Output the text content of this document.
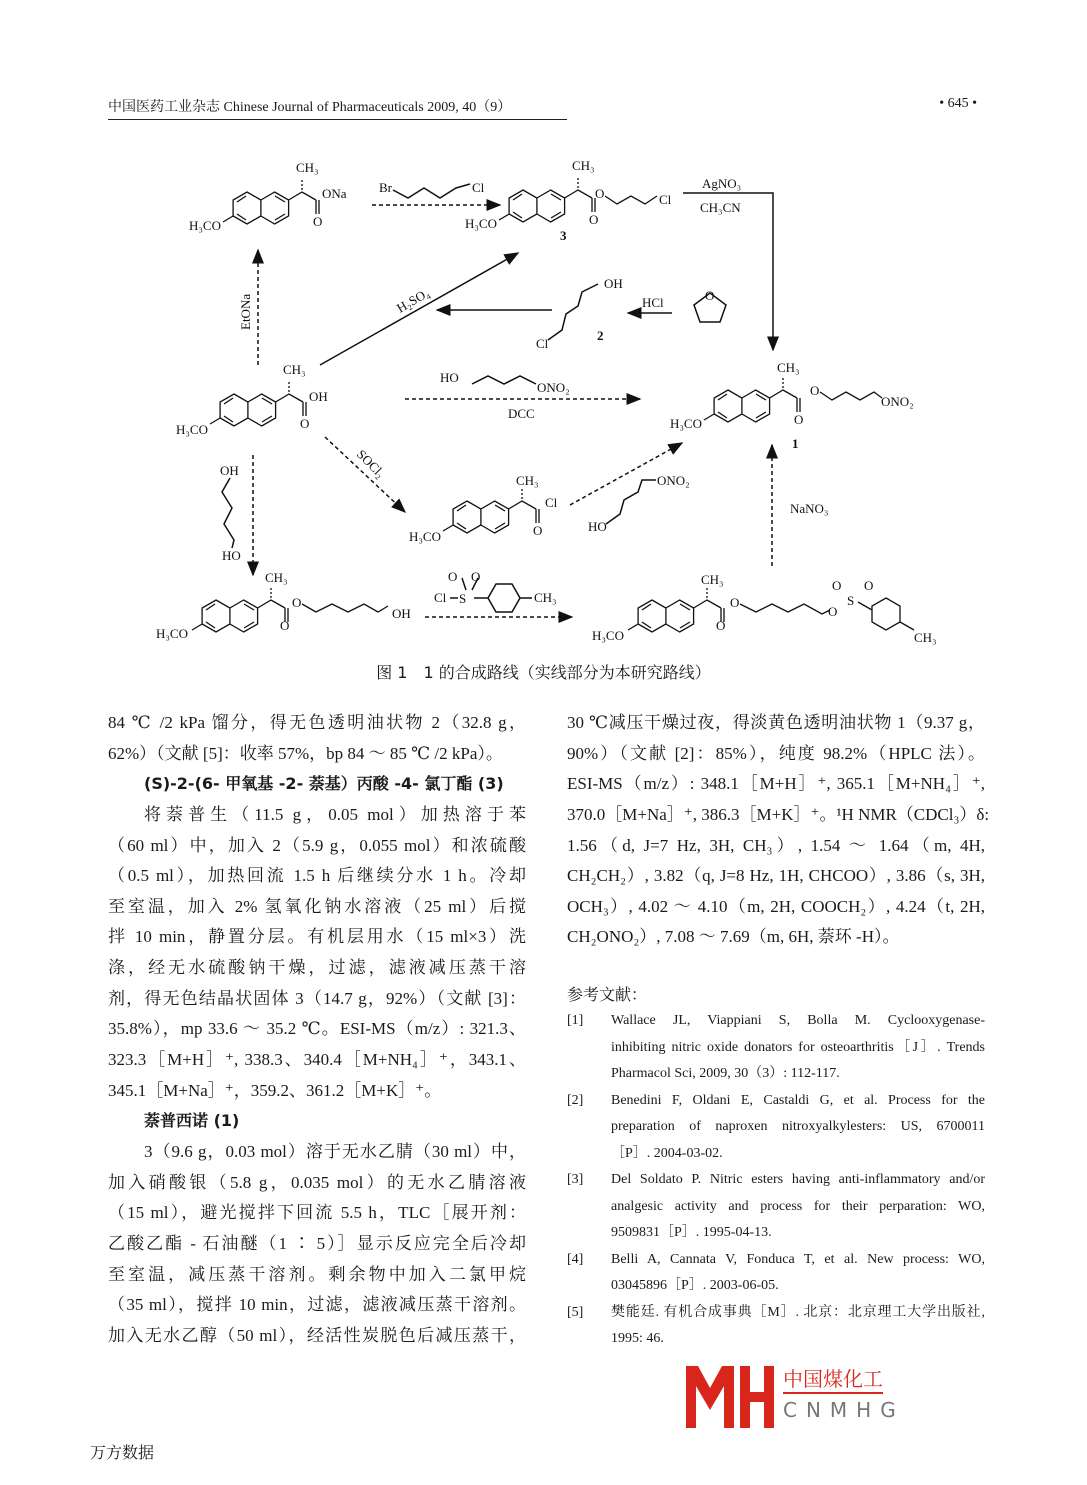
中国医药工业杂志 Chinese Journal of Pharmaceuticals 2009, 40（9）	• 645 •
H₃CO
CH₃
O
ONa
H₃CO
CH₃
O
O	Cl
3
H₃CO
CH₃
O
OH
H₃CO
CH₃
O
O
ONO₂
1
H₃CO
CH₃
O
Cl
H₃CO
CH₃
O
O
OH
H₃CO
CH₃
O
O
O
S
O O
CH₃
Br	Cl	AgNO₃
CH₃CN
H₂SO₄
OH
Cl
2
HCl	O
EtONa
HO
ONO₂
DCC
SOCl₂	ONO₂
HO
NaNO₃
OH
HO
Cl S
O O
CH₃
图 1　1 的合成路线（实线部分为本研究路线）
84 ℃ /2 kPa 馏分，得无色透明油状物 2（32.8 g，
62%）（文献 [5]：收率 57%，bp 84 ～ 85 ℃ /2 kPa）。
(S)-2-(6- 甲氧基 -2- 萘基）丙酸 -4- 氯丁酯 (3)
将萘普生（11.5 g，0.05 mol）加热溶于苯
（60 ml）中，加入 2（5.9 g，0.055 mol）和浓硫酸
（0.5 ml），加热回流 1.5 h 后继续分水 1 h。冷却
至室温，加入 2% 氢氧化钠水溶液（25 ml）后搅
拌 10 min，静置分层。有机层用水（15 ml×3）洗
涤，经无水硫酸钠干燥，过滤，滤液减压蒸干溶
剂，得无色结晶状固体 3（14.7 g，92%）（文献 [3]：
35.8%），mp 33.6 ～ 35.2 ℃。ESI-MS（m/z）: 321.3、
323.3［M+H］⁺, 338.3、340.4［M+NH₄］⁺，343.1、
345.1［M+Na］⁺，359.2、361.2［M+K］⁺。
萘普西诺 (1)
3（9.6 g，0.03 mol）溶于无水乙腈（30 ml）中，
加入硝酸银（5.8 g，0.035 mol）的无水乙腈溶液
（15 ml），避光搅拌下回流 5.5 h，TLC［展开剂：
乙酸乙酯 - 石油醚（1 ∶ 5）］显示反应完全后冷却
至室温，减压蒸干溶剂。剩余物中加入二氯甲烷
（35 ml），搅拌 10 min，过滤，滤液减压蒸干溶剂。
加入无水乙醇（50 ml），经活性炭脱色后减压蒸干，
30 ℃减压干燥过夜，得淡黄色透明油状物 1（9.37 g，
90%）（文献 [2]：85%），纯度 98.2%（HPLC 法）。
ESI-MS（m/z）: 348.1［M+H］⁺, 365.1［M+NH₄］⁺,
370.0［M+Na］⁺, 386.3［M+K］⁺。¹H NMR（CDCl₃）δ:
1.56（d, J=7 Hz, 3H, CH₃）, 1.54 ～ 1.64（m, 4H,
CH₂CH₂）, 3.82（q, J=8 Hz, 1H, CHCOO）, 3.86（s, 3H,
OCH₃）, 4.02 ～ 4.10（m, 2H, COOCH₂）, 4.24（t, 2H,
CH₂ONO₂）, 7.08 ～ 7.69（m, 6H, 萘环 -H）。
参考文献：
[1]	Wallace JL, Viappiani S, Bolla M. Cyclooxygenase-
inhibiting nitric oxide donators for osteoarthritis［J］. Trends
Pharmacol Sci, 2009, 30（3）: 112-117.
[2]	Benedini F, Oldani E, Castaldi G, et al. Process for the
preparation of naproxen nitroxyalkylesters: US, 6700011
［P］. 2004-03-02.
[3]	Del Soldato P. Nitric esters having anti-inflammatory and/or
analgesic activity and process for their perparation: WO,
9509831［P］. 1995-04-13.
[4]	Belli A, Cannata V, Fonduca T, et al. New process: WO,
03045896［P］. 2003-06-05.
[5]	樊能廷. 有机合成事典［M］. 北京：北京理工大学出版社,
1995: 46.
中国煤化工
CNMHG
万方数据
